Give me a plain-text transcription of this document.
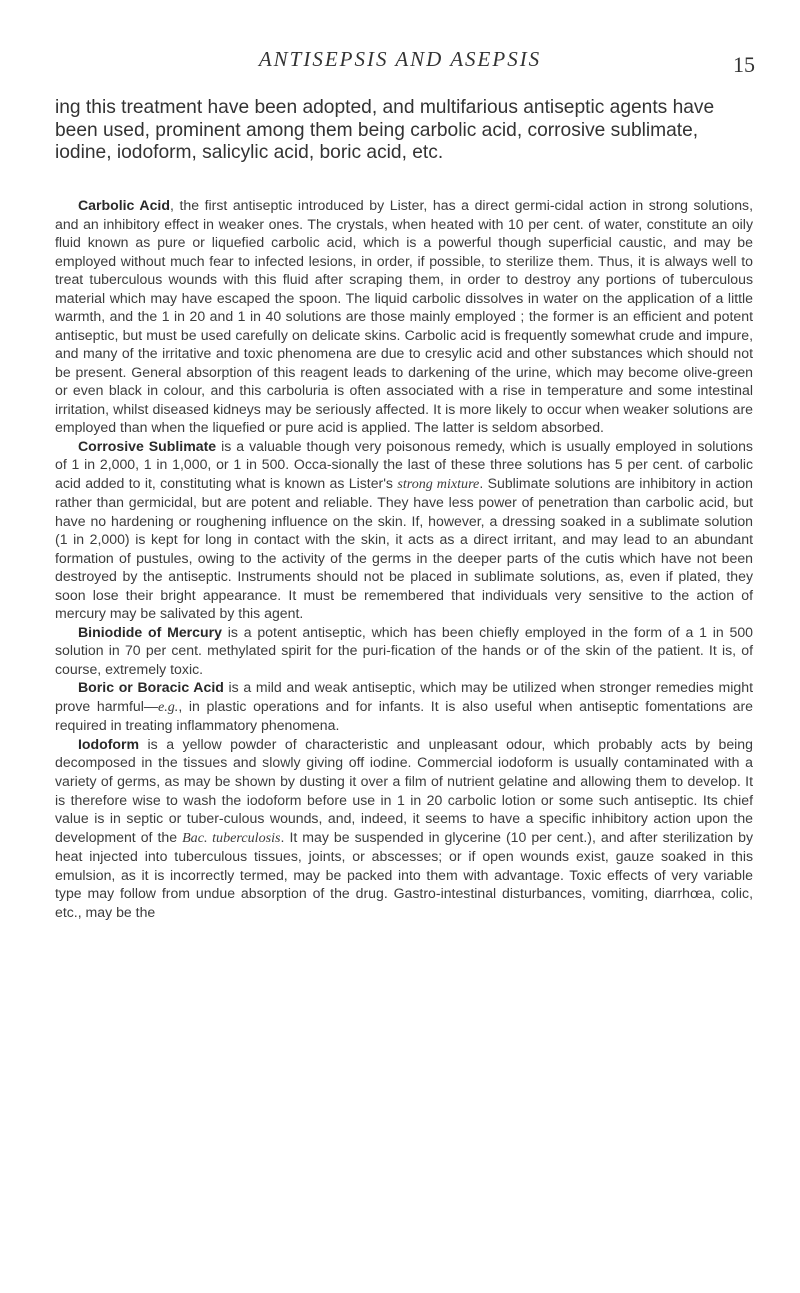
ANTISEPSIS AND ASEPSIS	15

ing this treatment have been adopted, and multifarious antiseptic agents have been used, prominent among them being carbolic acid, corrosive sublimate, iodine, iodoform, salicylic acid, boric acid, etc.

Carbolic Acid, the first antiseptic introduced by Lister, has a direct germi-cidal action in strong solutions, and an inhibitory effect in weaker ones. The crystals, when heated with 10 per cent. of water, constitute an oily fluid known as pure or liquefied carbolic acid, which is a powerful though superficial caustic, and may be employed without much fear to infected lesions, in order, if possible, to sterilize them. Thus, it is always well to treat tuberculous wounds with this fluid after scraping them, in order to destroy any portions of tuberculous material which may have escaped the spoon. The liquid carbolic dissolves in water on the application of a little warmth, and the 1 in 20 and 1 in 40 solutions are those mainly employed ; the former is an efficient and potent antiseptic, but must be used carefully on delicate skins. Carbolic acid is frequently somewhat crude and impure, and many of the irritative and toxic phenomena are due to cresylic acid and other substances which should not be present. General absorption of this reagent leads to darkening of the urine, which may become olive-green or even black in colour, and this carboluria is often associated with a rise in temperature and some intestinal irritation, whilst diseased kidneys may be seriously affected. It is more likely to occur when weaker solutions are employed than when the liquefied or pure acid is applied. The latter is seldom absorbed.

Corrosive Sublimate is a valuable though very poisonous remedy, which is usually employed in solutions of 1 in 2,000, 1 in 1,000, or 1 in 500. Occa-sionally the last of these three solutions has 5 per cent. of carbolic acid added to it, constituting what is known as Lister's strong mixture. Sublimate solutions are inhibitory in action rather than germicidal, but are potent and reliable. They have less power of penetration than carbolic acid, but have no hardening or roughening influence on the skin. If, however, a dressing soaked in a sublimate solution (1 in 2,000) is kept for long in contact with the skin, it acts as a direct irritant, and may lead to an abundant formation of pustules, owing to the activity of the germs in the deeper parts of the cutis which have not been destroyed by the antiseptic. Instruments should not be placed in sublimate solutions, as, even if plated, they soon lose their bright appearance. It must be remembered that individuals very sensitive to the action of mercury may be salivated by this agent.

Biniodide of Mercury is a potent antiseptic, which has been chiefly employed in the form of a 1 in 500 solution in 70 per cent. methylated spirit for the puri-fication of the hands or of the skin of the patient. It is, of course, extremely toxic.

Boric or Boracic Acid is a mild and weak antiseptic, which may be utilized when stronger remedies might prove harmful—e.g., in plastic operations and for infants. It is also useful when antiseptic fomentations are required in treating inflammatory phenomena.

Iodoform is a yellow powder of characteristic and unpleasant odour, which probably acts by being decomposed in the tissues and slowly giving off iodine. Commercial iodoform is usually contaminated with a variety of germs, as may be shown by dusting it over a film of nutrient gelatine and allowing them to develop. It is therefore wise to wash the iodoform before use in 1 in 20 carbolic lotion or some such antiseptic. Its chief value is in septic or tuber-culous wounds, and, indeed, it seems to have a specific inhibitory action upon the development of the Bac. tuberculosis. It may be suspended in glycerine (10 per cent.), and after sterilization by heat injected into tuberculous tissues, joints, or abscesses; or if open wounds exist, gauze soaked in this emulsion, as it is incorrectly termed, may be packed into them with advantage. Toxic effects of very variable type may follow from undue absorption of the drug. Gastro-intestinal disturbances, vomiting, diarrhœa, colic, etc., may be the
